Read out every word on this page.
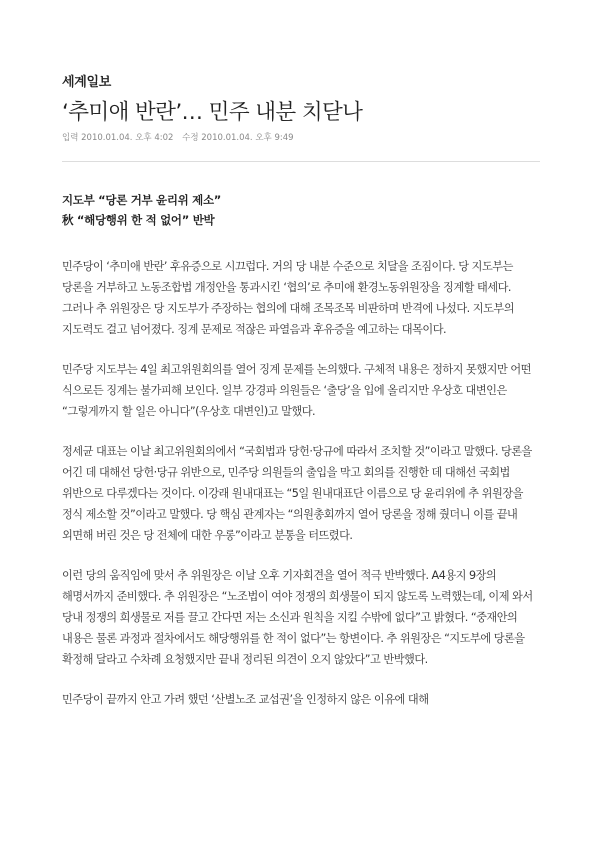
세계일보
‘추미애 반란’… 민주 내분 치닫나
입력 2010.01.04. 오후 4:02 수정 2010.01.04. 오후 9:49
지도부 “당론 거부 윤리위 제소”
秋 “해당행위 한 적 없어” 반박

민주당이 ‘추미애 반란’ 후유증으로 시끄럽다. 거의 당 내분 수준으로 치달을 조짐이다. 당 지도부는 당론을 거부하고 노동조합법 개정안을 통과시킨 ‘협의’로 추미애 환경노동위원장을 징계할 태세다. 그러나 추 위원장은 당 지도부가 주장하는 협의에 대해 조목조목 비판하며 반격에 나섰다. 지도부의 지도력도 걸고 넘어졌다. 징계 문제로 적잖은 파열음과 후유증을 예고하는 대목이다.

민주당 지도부는 4일 최고위원회의를 열어 징계 문제를 논의했다. 구체적 내용은 정하지 못했지만 어떤 식으로든 징계는 불가피해 보인다. 일부 강경파 의원들은 ‘출당’을 입에 올리지만 우상호 대변인은 “그렇게까지 할 일은 아니다”(우상호 대변인)고 말했다.

정세균 대표는 이날 최고위원회의에서 “국회법과 당헌·당규에 따라서 조치할 것”이라고 말했다. 당론을 어긴 데 대해선 당헌·당규 위반으로, 민주당 의원들의 출입을 막고 회의를 진행한 데 대해선 국회법 위반으로 다루겠다는 것이다. 이강래 원내대표는 “5일 원내대표단 이름으로 당 윤리위에 추 위원장을 정식 제소할 것”이라고 말했다. 당 핵심 관계자는 “의원총회까지 열어 당론을 정해 줬더니 이를 끝내 외면해 버린 것은 당 전체에 대한 우롱”이라고 분통을 터뜨렸다.

이런 당의 움직임에 맞서 추 위원장은 이날 오후 기자회견을 열어 적극 반박했다. A4용지 9장의 해명서까지 준비했다. 추 위원장은 “노조법이 여야 정쟁의 희생물이 되지 않도록 노력했는데, 이제 와서 당내 정쟁의 희생물로 저를 끌고 간다면 저는 소신과 원칙을 지킬 수밖에 없다”고 밝혔다. “중재안의 내용은 물론 과정과 절차에서도 해당행위를 한 적이 없다”는 항변이다. 추 위원장은 “지도부에 당론을 확정해 달라고 수차례 요청했지만 끝내 정리된 의견이 오지 않았다”고 반박했다.

민주당이 끝까지 안고 가려 했던 ‘산별노조 교섭권’을 인정하지 않은 이유에 대해
